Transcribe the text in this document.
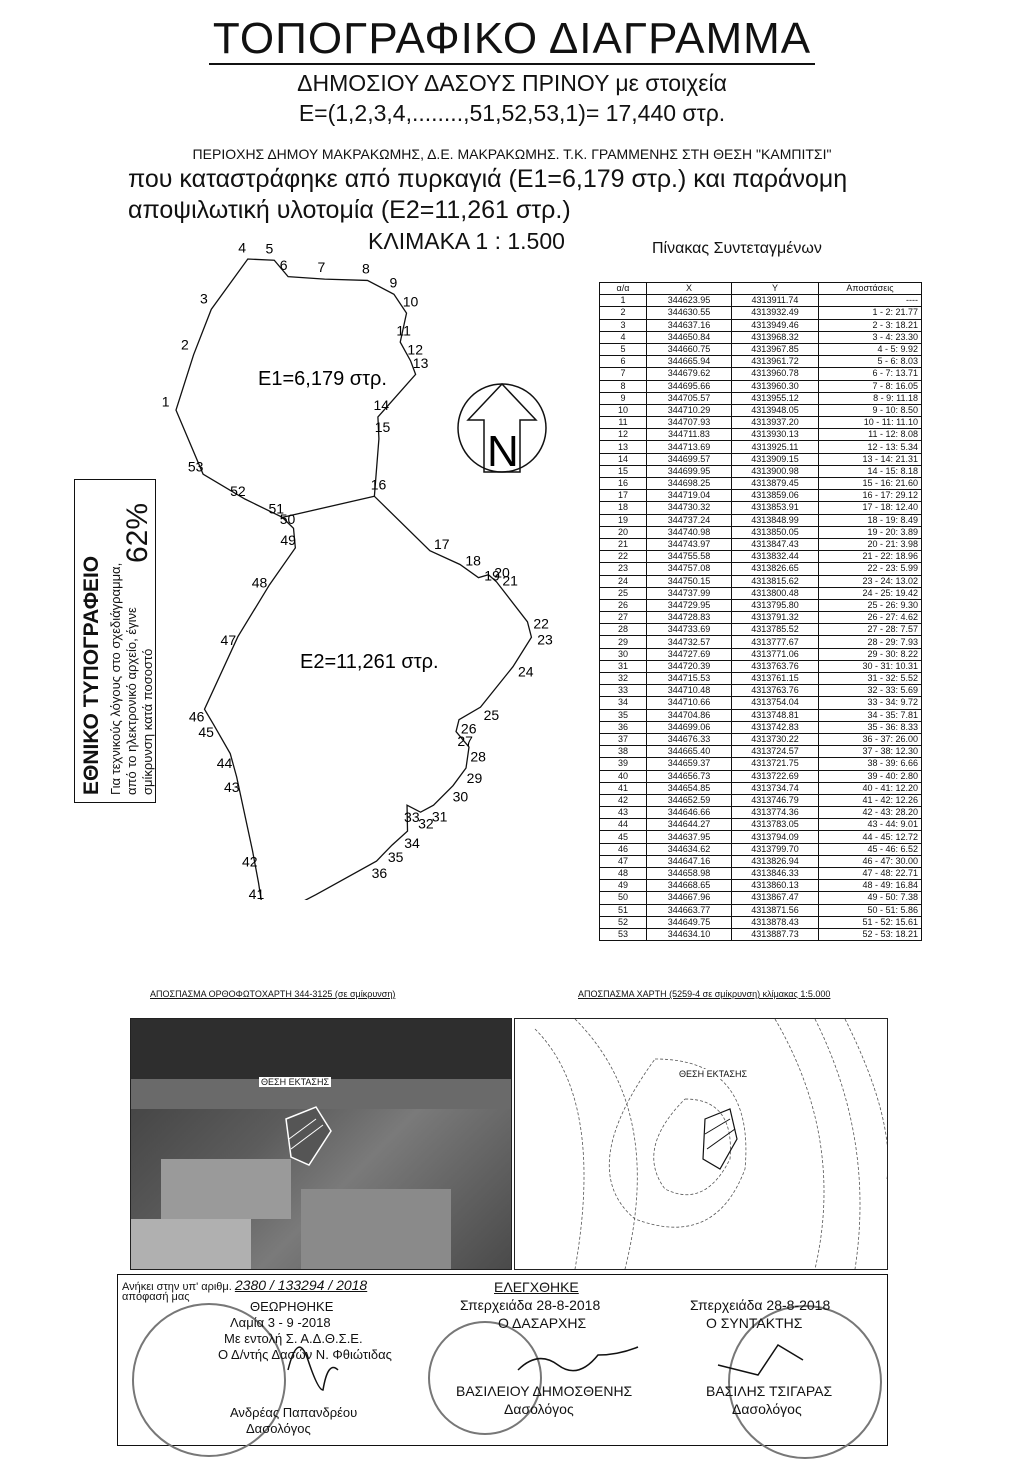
ΤΟΠΟΓΡΑΦΙΚΟ ΔΙΑΓΡΑΜΜΑ
ΔΗΜΟΣΙΟΥ ΔΑΣΟΥΣ ΠΡΙΝΟΥ με στοιχεία
Ε=(1,2,3,4,........,51,52,53,1)= 17,440 στρ.
ΠΕΡΙΟΧΗΣ ΔΗΜΟΥ ΜΑΚΡΑΚΩΜΗΣ, Δ.Ε. ΜΑΚΡΑΚΩΜΗΣ. Τ.Κ. ΓΡΑΜΜΕΝΗΣ ΣΤΗ ΘΕΣΗ "ΚΑΜΠΙΤΣΙ"
που καταστράφηκε από πυρκαγιά (Ε1=6,179 στρ.) και παράνομη
αποψιλωτική υλοτομία (Ε2=11,261 στρ.)
ΚΛΙΜΑΚΑ 1 : 1.500
ΕΘΝΙΚΟ ΤΥΠΟΓΡΑΦΕΙΟ Για τεχνικούς λόγους στο σχεδιάγραμμα, από το ηλεκτρονικό αρχείο, έγινε σμίκρυνση κατά ποσοστό
62%
1
2
3
4 5
6 7	8
9
10
11
12
13
14
15
16
17
18
19
20
21
22
23
24
25
26
27
28
29
30
31
32
33
34
35
36
41
42
43
44
45
46
47
48
49
50
51
52
53
Ε1=6,179 στρ.
Ε2=11,261 στρ.
N
Πίνακας Συντεταγμένων
α/α	X	Y	Αποστάσεις
1	344623.95	4313911.74	----
2	344630.55	4313932.49	1 - 2: 21.77
3	344637.16	4313949.46	2 - 3: 18.21
4	344650.84	4313968.32	3 - 4: 23.30
5	344660.75	4313967.85	4 - 5: 9.92
6	344665.94	4313961.72	5 - 6: 8.03
7	344679.62	4313960.78	6 - 7: 13.71
8	344695.66	4313960.30	7 - 8: 16.05
9	344705.57	4313955.12	8 - 9: 11.18
10	344710.29	4313948.05	9 - 10: 8.50
11	344707.93	4313937.20	10 - 11: 11.10
12	344711.83	4313930.13	11 - 12: 8.08
13	344713.69	4313925.11	12 - 13: 5.34
14	344699.57	4313909.15	13 - 14: 21.31
15	344699.95	4313900.98	14 - 15: 8.18
16	344698.25	4313879.45	15 - 16: 21.60
17	344719.04	4313859.06	16 - 17: 29.12
18	344730.32	4313853.91	17 - 18: 12.40
19	344737.24	4313848.99	18 - 19: 8.49
20	344740.98	4313850.05	19 - 20: 3.89
21	344743.97	4313847.43	20 - 21: 3.98
22	344755.58	4313832.44	21 - 22: 18.96
23	344757.08	4313826.65	22 - 23: 5.99
24	344750.15	4313815.62	23 - 24: 13.02
25	344737.99	4313800.48	24 - 25: 19.42
26	344729.95	4313795.80	25 - 26: 9.30
27	344728.83	4313791.32	26 - 27: 4.62
28	344733.69	4313785.52	27 - 28: 7.57
29	344732.57	4313777.67	28 - 29: 7.93
30	344727.69	4313771.06	29 - 30: 8.22
31	344720.39	4313763.76	30 - 31: 10.31
32	344715.53	4313761.15	31 - 32: 5.52
33	344710.48	4313763.76	32 - 33: 5.69
34	344710.66	4313754.04	33 - 34: 9.72
35	344704.86	4313748.81	34 - 35: 7.81
36	344699.06	4313742.83	35 - 36: 8.33
37	344676.33	4313730.22	36 - 37: 26.00
38	344665.40	4313724.57	37 - 38: 12.30
39	344659.37	4313721.75	38 - 39: 6.66
40	344656.73	4313722.69	39 - 40: 2.80
41	344654.85	4313734.74	40 - 41: 12.20
42	344652.59	4313746.79	41 - 42: 12.26
43	344646.66	4313774.36	42 - 43: 28.20
44	344644.27	4313783.05	43 - 44: 9.01
45	344637.95	4313794.09	44 - 45: 12.72
46	344634.62	4313799.70	45 - 46: 6.52
47	344647.16	4313826.94	46 - 47: 30.00
48	344658.98	4313846.33	47 - 48: 22.71
49	344668.65	4313860.13	48 - 49: 16.84
50	344667.96	4313867.47	49 - 50: 7.38
51	344663.77	4313871.56	50 - 51: 5.86
52	344649.75	4313878.43	51 - 52: 15.61
53	344634.10	4313887.73	52 - 53: 18.21
ΑΠΟΣΠΑΣΜΑ ΟΡΘΟΦΩΤΟΧΑΡΤΗ 344-3125 (σε σμίκρυνση)	ΑΠΟΣΠΑΣΜΑ ΧΑΡΤΗ (5259-4 σε σμίκρυνση) κλίμακας 1:5.000
ΘΕΣΗ ΕΚΤΑΣΗΣ
ΘΕΣΗ ΕΚΤΑΣΗΣ
Ανήκει στην υπ' αριθμ. 2380 / 133294 / 2018
απόφασή μας
ΘΕΩΡΗΘΗΚΕ
Λαμία 3 - 9 -2018
Με εντολή Σ. Α.Δ.Θ.Σ.Ε.
Ο Δ/ντής Δασών Ν. Φθιώτιδας
Ανδρέας Παπανδρέου
Δασολόγος
ΕΛΕΓΧΘΗΚΕ
Σπερχειάδα 28-8-2018
Ο ΔΑΣΑΡΧΗΣ
ΒΑΣΙΛΕΙΟΥ ΔΗΜΟΣΘΕΝΗΣ
Δασολόγος
Σπερχειάδα 28-8-2018
Ο ΣΥΝΤΑΚΤΗΣ
ΒΑΣΙΛΗΣ ΤΣΙΓΑΡΑΣ
Δασολόγος
